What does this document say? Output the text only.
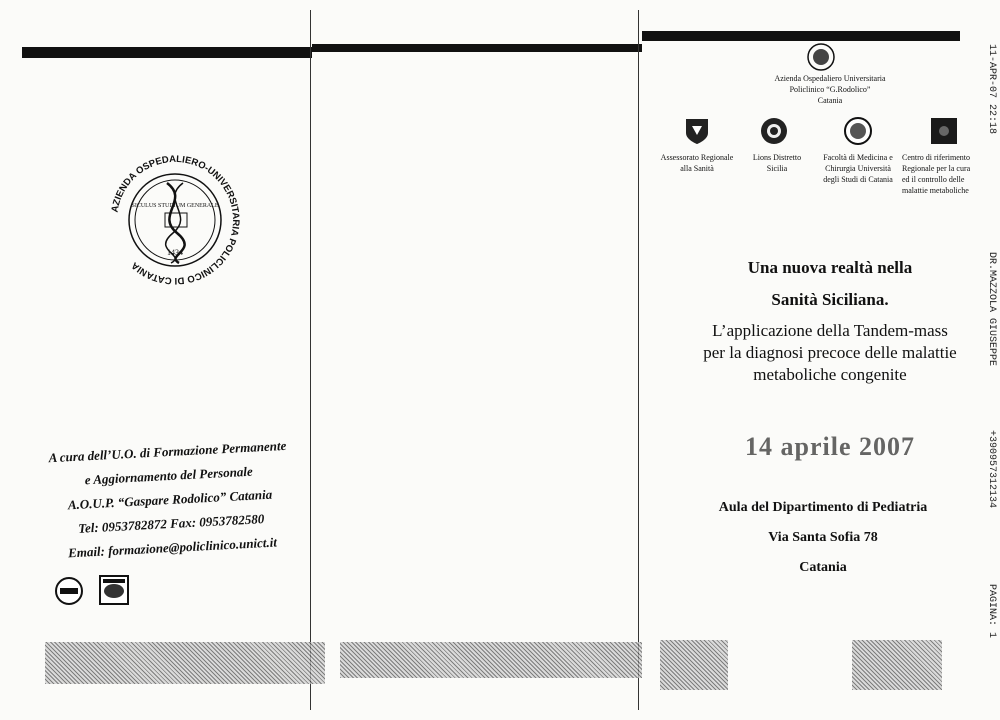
AZIENDA OSPEDALIERO-UNIVERSITARIA POLICLINICO DI CATANIA
SICULUS STUDIUM GENERALE
1434
A cura dell’U.O. di Formazione Permanente
e Aggiornamento del Personale
A.O.U.P. “Gaspare Rodolico” Catania
Tel: 0953782872 Fax: 0953782580
Email: formazione@policlinico.unict.it
Azienda Ospedaliero Universitaria
Policlinico “G.Rodolico”
Catania
Assessorato Regionale
alla Sanità
Lions Distretto
Sicilia
Facoltà di Medicina e
Chirurgia Università
degli Studi di Catania
Centro di riferimento
Regionale per la cura
ed il controllo delle
malattie metaboliche
Una nuova realtà nella
Sanità Siciliana.
L’applicazione della Tandem-mass
per la diagnosi precoce delle malattie
metaboliche congenite
14 aprile 2007
Aula del Dipartimento di Pediatria
Via Santa Sofia 78
Catania
11-APR-07 22:18
DR.MAZZOLA GIUSEPPE
+390957312134
PAGINA: 1
